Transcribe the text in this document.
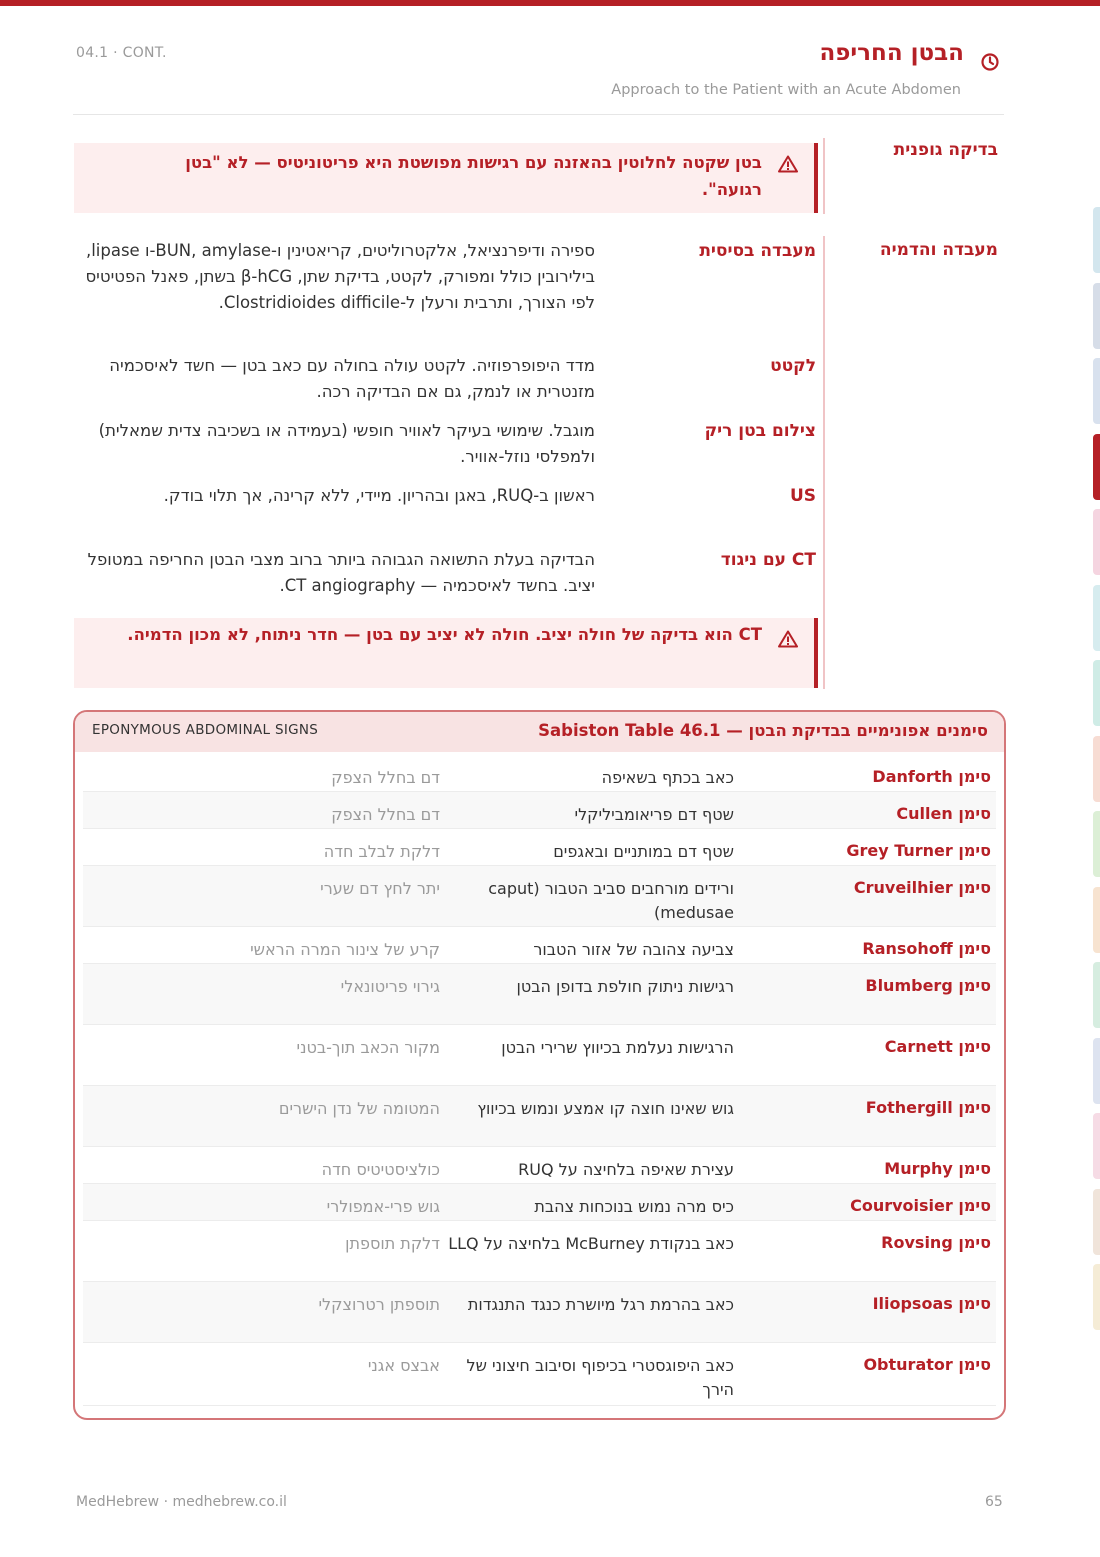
04.1 · CONT.	הבטן החריפה
Approach to the Patient with an Acute Abdomen
בדיקה גופנית
בטן שקטה לחלוטין בהאזנה עם רגישות מפושטת היא פריטוניטיס — לא "בטן רגועה".
מעבדה והדמיה
מעבדה בסיסית
ספירה ודיפרנציאל, אלקטרוליטים, קריאטינין ו-BUN, amylase-ו lipase, בילירובין כולל ומפורק, לקטט, בדיקת שתן, β-hCG בשתן, פאנל הפטיטיס לפי הצורך, ותרבית ורעלן ל-Clostridioides difficile.
לקטט
מדד היפופרפוזיה. לקטט עולה בחולה עם כאב בטן — חשד לאיסכמיה מזנטרית או לנמק, גם אם הבדיקה רכה.
צילום בטן ריק
מוגבל. שימושי בעיקר לאוויר חופשי (בעמידה או בשכיבה צדית שמאלית) ולמפלסי נוזל-אוויר.
US
ראשון ב-RUQ, באגן ובהריון. מיידי, ללא קרינה, אך תלוי בודק.
CT עם ניגוד
הבדיקה בעלת התשואה הגבוהה ביותר ברוב מצבי הבטן החריפה במטופל יציב. בחשד לאיסכמיה — CT angiography.
CT הוא בדיקה של חולה יציב. חולה לא יציב עם בטן — חדר ניתוח, לא מכון הדמיה.
סימנים אפונימיים בבדיקת הבטן — Sabiston Table 46.1
EPONYMOUS ABDOMINAL SIGNS
סימן Danforth
כאב בכתף בשאיפה
דם בחלל הצפק
סימן Cullen
שטף דם פריאומביליקלי
דם בחלל הצפק
סימן Grey Turner
שטף דם במותניים ובאגפים
דלקת לבלב חדה
סימן Cruveilhier
ורידים מורחבים סביב הטבור (caput medusae)
יתר לחץ דם שערי
סימן Ransohoff
צביעה צהובה של אזור הטבור
קרע של צינור המרה הראשי
סימן Blumberg
רגישות ניתוק חולפת בדופן הבטן
גירוי פריטונאלי
סימן Carnett
הרגישות נעלמת בכיווץ שרירי הבטן
מקור הכאב תוך-בטני
סימן Fothergill
גוש שאינו חוצה קו אמצע ונמוש בכיווץ
המטומה של נדן הישרים
סימן Murphy
עצירת שאיפה בלחיצה על RUQ
כולציסטיטיס חדה
סימן Courvoisier
כיס מרה נמוש בנוכחות צהבת
גוש פרי-אמפולרי
סימן Rovsing
כאב בנקודת McBurney בלחיצה על LLQ
דלקת תוספתן
סימן Iliopsoas
כאב בהרמת רגל מיושרת כנגד התנגדות
תוספתן רטרוצקלי
סימן Obturator
כאב היפוגסטרי בכיפוף וסיבוב חיצוני של הירך
אבצס אגני
MedHebrew · medhebrew.co.il	65
